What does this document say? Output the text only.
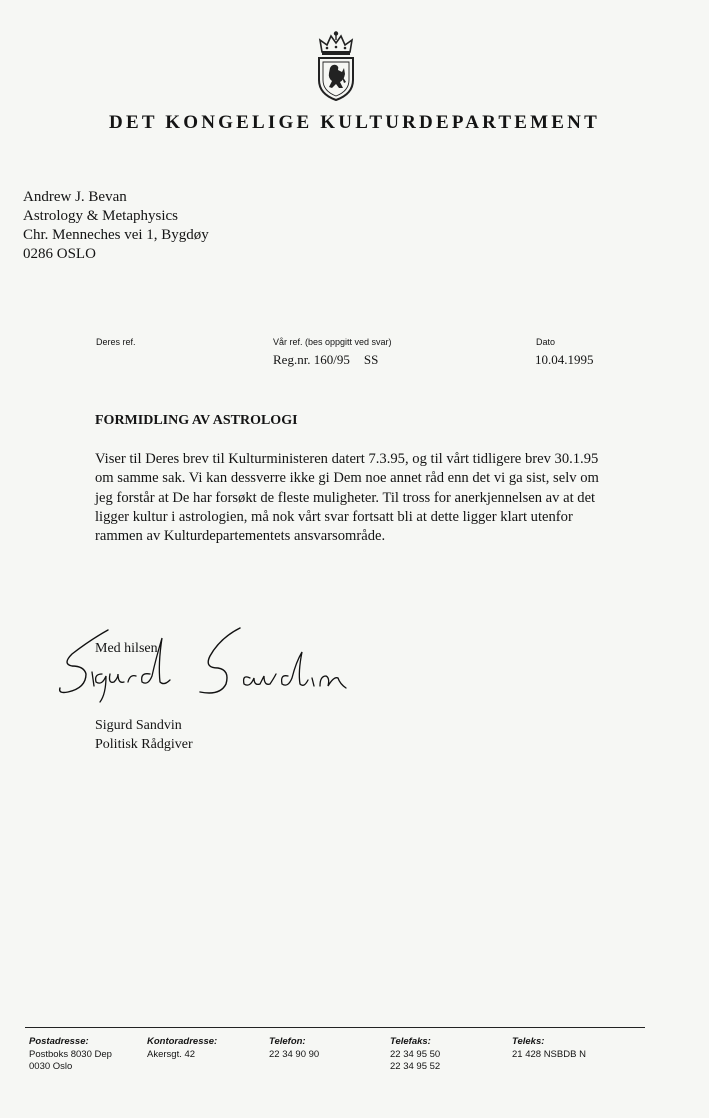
DET KONGELIGE KULTURDEPARTEMENT
Andrew J. Bevan
Astrology & Metaphysics
Chr. Menneches vei 1, Bygdøy
0286 OSLO
Deres ref.	Vår ref. (bes oppgitt ved svar)
Reg.nr. 160/95 SS
Dato
10.04.1995
FORMIDLING AV ASTROLOGI
Viser til Deres brev til Kulturministeren datert 7.3.95, og til vårt tidligere brev 30.1.95
om samme sak. Vi kan dessverre ikke gi Dem noe annet råd enn det vi ga sist, selv om
jeg forstår at De har forsøkt de fleste muligheter. Til tross for anerkjennelsen av at det
ligger kultur i astrologien, må nok vårt svar fortsatt bli at dette ligger klart utenfor
rammen av Kulturdepartementets ansvarsområde.
Med hilsen
Sigurd Sandvin
Politisk Rådgiver
Postadresse:
Postboks 8030 Dep
0030 Oslo
Kontoradresse:
Akersgt. 42
Telefon:
22 34 90 90
Telefaks:
22 34 95 50
22 34 95 52
Teleks:
21 428 NSBDB N
